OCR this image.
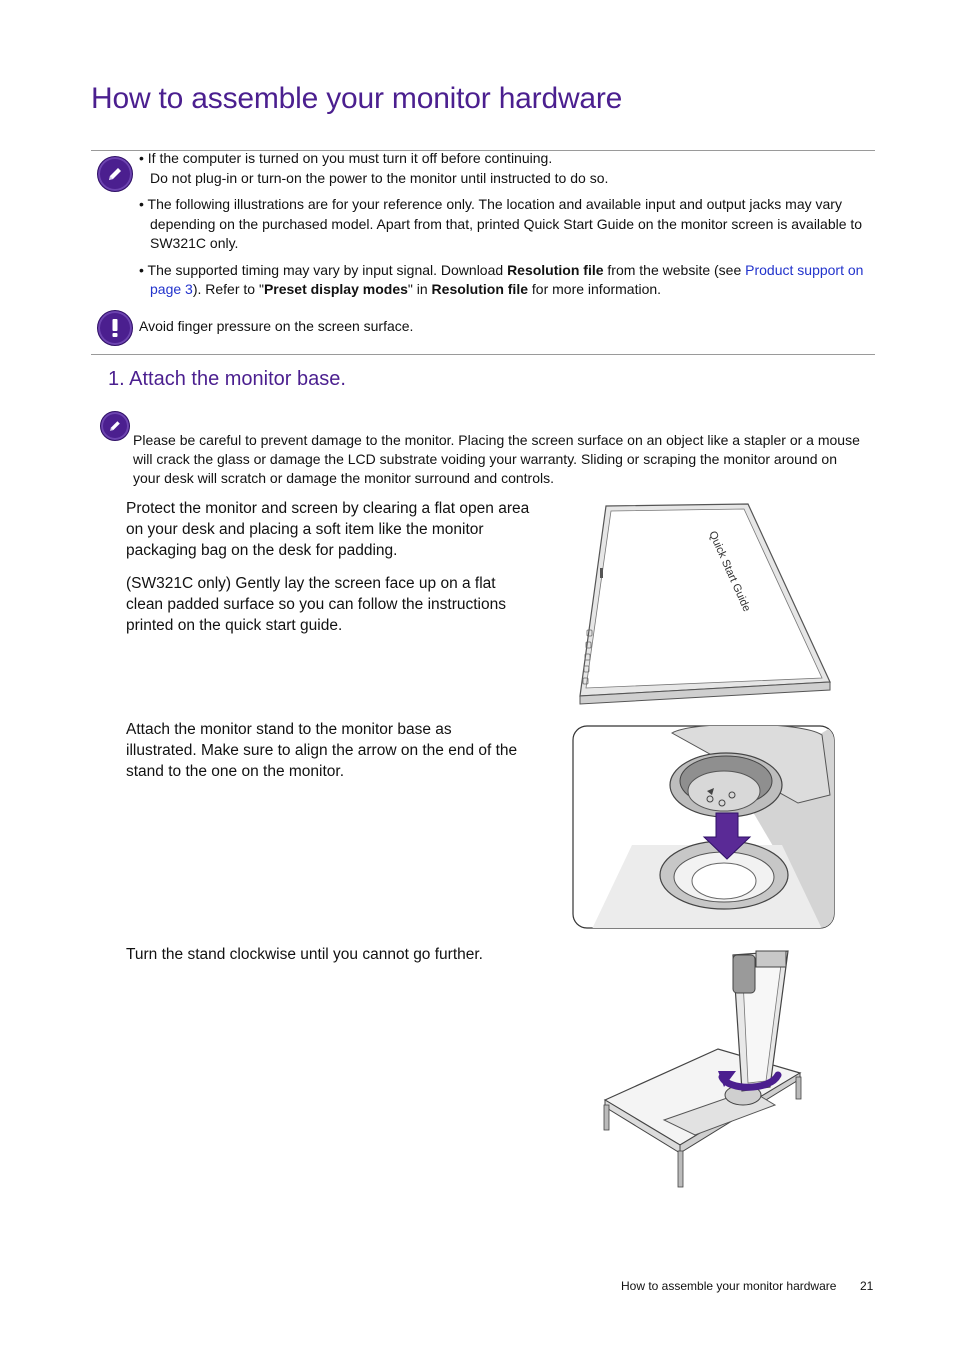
How to assemble your monitor hardware

• If the computer is turned on you must turn it off before continuing.
Do not plug-in or turn-on the power to the monitor until instructed to do so.

• The following illustrations are for your reference only. The location and available input and output jacks may vary depending on the purchased model. Apart from that, printed Quick Start Guide on the monitor screen is available to SW321C only.

• The supported timing may vary by input signal. Download Resolution file from the website (see Product support on page 3). Refer to "Preset display modes" in Resolution file for more information.

Avoid finger pressure on the screen surface.
1. Attach the monitor base.
Please be careful to prevent damage to the monitor. Placing the screen surface on an object like a stapler or a mouse will crack the glass or damage the LCD substrate voiding your warranty. Sliding or scraping the monitor around on your desk will scratch or damage the monitor surround and controls.

Protect the monitor and screen by clearing a flat open area on your desk and placing a soft item like the monitor packaging bag on the desk for padding.

(SW321C only) Gently lay the screen face up on a flat clean padded surface so you can follow the instructions printed on the quick start guide.

Quick Start Guide

Attach the monitor stand to the monitor base as illustrated. Make sure to align the arrow on the end of the stand to the one on the monitor.

Turn the stand clockwise until you cannot go further.

How to assemble your monitor hardware 21
